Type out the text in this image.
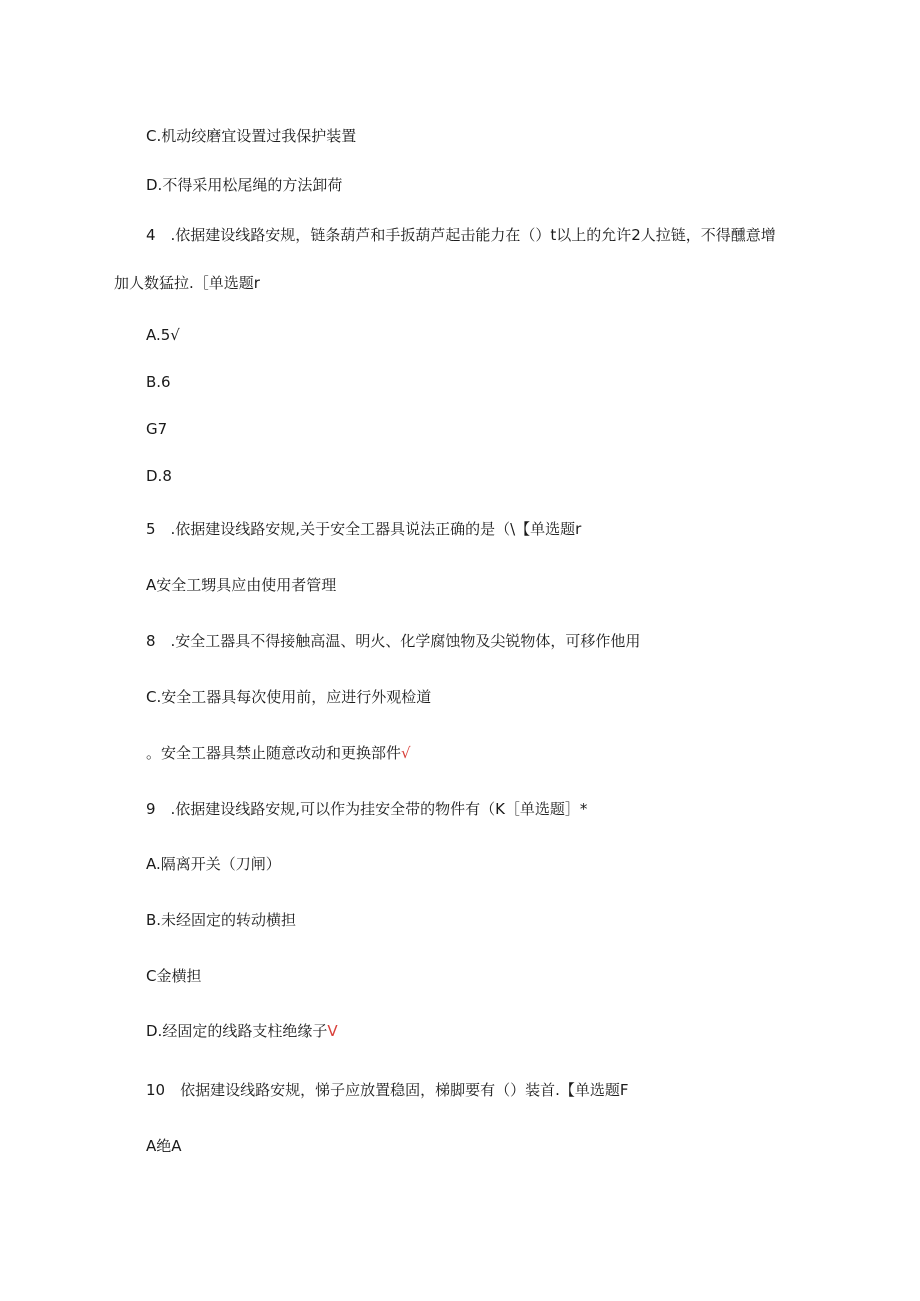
C.机动绞磨宜设置过我保护装置
D.不得采用松尾绳的方法卸荷
4　.依据建设线路安规，链条葫芦和手扳葫芦起击能力在（）t以上的允许2人拉链，不得醺意增
加人数猛拉.［单选题r
A.5√
B.6
G7
D.8
5　.依据建设线路安规,关于安全工器具说法正确的是（\【单选题r
A安全工甥具应由使用者管理
8　.安全工器具不得接触高温、明火、化学腐蚀物及尖锐物体，可移作他用
C.安全工器具每次使用前，应进行外观检道
。安全工器具禁止随意改动和更换部件√
9　.依据建设线路安规,可以作为挂安全带的物件有（K［单选题］*
A.隔离开关（刀闸）
B.未经固定的转动横担
C金横担
D.经固定的线路支柱绝缘子V
10　依据建设线路安规，悌子应放置稳固，梯脚要有（）装首.【单选题F
A绝A
